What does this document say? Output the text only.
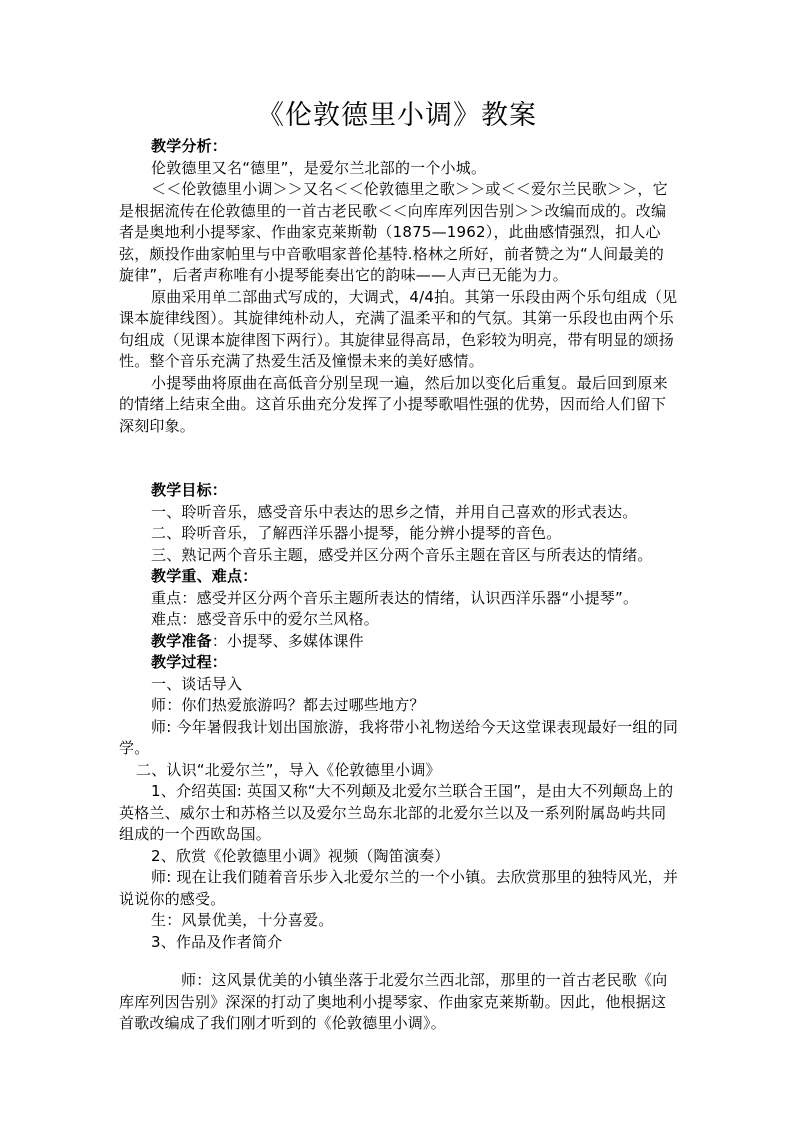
《伦敦德里小调》教案

教学分析：

伦敦德里又名“德里”，是爱尔兰北部的一个小城。

＜＜伦敦德里小调＞＞又名＜＜伦敦德里之歌＞＞或＜＜爱尔兰民歌＞＞，它是根据流传在伦敦德里的一首古老民歌＜＜向库库列因告别＞＞改编而成的。改编者是奥地利小提琴家、作曲家克莱斯勒（1875—1962），此曲感情强烈，扣人心弦，颇投作曲家帕里与中音歌唱家普伦基特.格林之所好，前者赞之为“人间最美的旋律”，后者声称唯有小提琴能奏出它的韵味——人声已无能为力。

原曲采用单二部曲式写成的，大调式，4/4拍。其第一乐段由两个乐句组成（见课本旋律线图）。其旋律纯朴动人，充满了温柔平和的气氛。其第一乐段也由两个乐句组成（见课本旋律图下两行）。其旋律显得高昂，色彩较为明亮，带有明显的颂扬性。整个音乐充满了热爱生活及憧憬未来的美好感情。

小提琴曲将原曲在高低音分别呈现一遍，然后加以变化后重复。最后回到原来的情绪上结束全曲。这首乐曲充分发挥了小提琴歌唱性强的优势，因而给人们留下深刻印象。

教学目标：

一、聆听音乐，感受音乐中表达的思乡之情，并用自己喜欢的形式表达。

二、聆听音乐，了解西洋乐器小提琴，能分辨小提琴的音色。

三、熟记两个音乐主题，感受并区分两个音乐主题在音区与所表达的情绪。

教学重、难点：

重点：感受并区分两个音乐主题所表达的情绪，认识西洋乐器“小提琴”。

难点：感受音乐中的爱尔兰风格。

教学准备：小提琴、多媒体课件

教学过程：

一、谈话导入

师：你们热爱旅游吗？都去过哪些地方？

师: 今年暑假我计划出国旅游，我将带小礼物送给今天这堂课表现最好一组的同学。

二、认识“北爱尔兰”，导入《伦敦德里小调》

1、介绍英国: 英国又称“大不列颠及北爱尔兰联合王国”，是由大不列颠岛上的英格兰、威尔士和苏格兰以及爱尔兰岛东北部的北爱尔兰以及一系列附属岛屿共同组成的一个西欧岛国。

2、欣赏《伦敦德里小调》视频（陶笛演奏）

师: 现在让我们随着音乐步入北爱尔兰的一个小镇。去欣赏那里的独特风光，并说说你的感受。

生：风景优美，十分喜爱。

3、作品及作者简介

师：这风景优美的小镇坐落于北爱尔兰西北部，那里的一首古老民歌《向库库列因告别》深深的打动了奥地利小提琴家、作曲家克莱斯勒。因此，他根据这首歌改编成了我们刚才听到的《伦敦德里小调》。
